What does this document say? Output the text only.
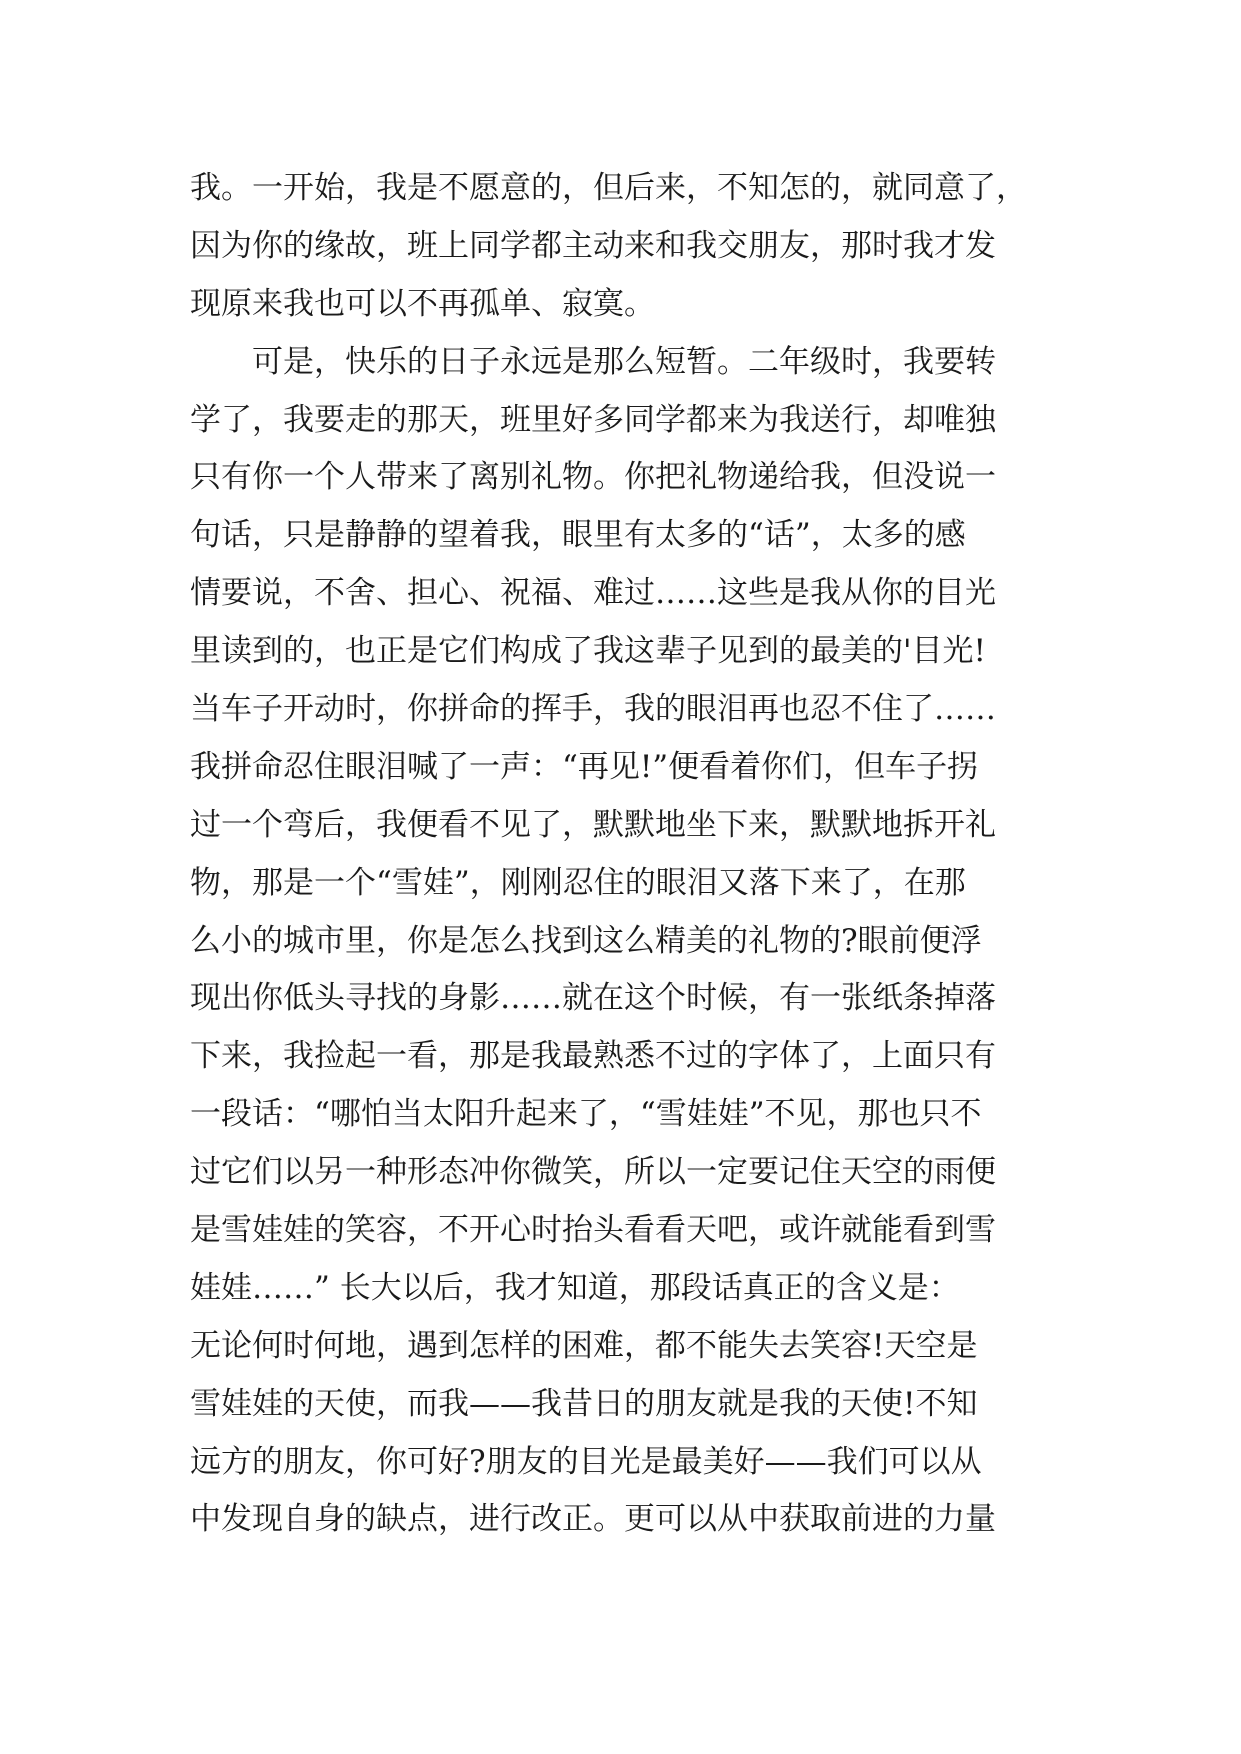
我。一开始，我是不愿意的，但后来，不知怎的，就同意了，
因为你的缘故，班上同学都主动来和我交朋友，那时我才发
现原来我也可以不再孤单、寂寞。
　　可是，快乐的日子永远是那么短暂。二年级时，我要转
学了，我要走的那天，班里好多同学都来为我送行，却唯独
只有你一个人带来了离别礼物。你把礼物递给我，但没说一
句话，只是静静的望着我，眼里有太多的“话”，太多的感
情要说，不舍、担心、祝福、难过……这些是我从你的目光
里读到的，也正是它们构成了我这辈子见到的最美的'目光!
当车子开动时，你拼命的挥手，我的眼泪再也忍不住了……
我拼命忍住眼泪喊了一声：“再见!”便看着你们，但车子拐
过一个弯后，我便看不见了，默默地坐下来，默默地拆开礼
物，那是一个“雪娃”，刚刚忍住的眼泪又落下来了，在那
么小的城市里，你是怎么找到这么精美的礼物的?眼前便浮
现出你低头寻找的身影……就在这个时候，有一张纸条掉落
下来，我捡起一看，那是我最熟悉不过的字体了，上面只有
一段话：“哪怕当太阳升起来了，“雪娃娃”不见，那也只不
过它们以另一种形态冲你微笑，所以一定要记住天空的雨便
是雪娃娃的笑容，不开心时抬头看看天吧，或许就能看到雪
娃娃……” 长大以后，我才知道，那段话真正的含义是：
无论何时何地，遇到怎样的困难，都不能失去笑容!天空是
雪娃娃的天使，而我——我昔日的朋友就是我的天使!不知
远方的朋友，你可好?朋友的目光是最美好——我们可以从
中发现自身的缺点，进行改正。更可以从中获取前进的力量
